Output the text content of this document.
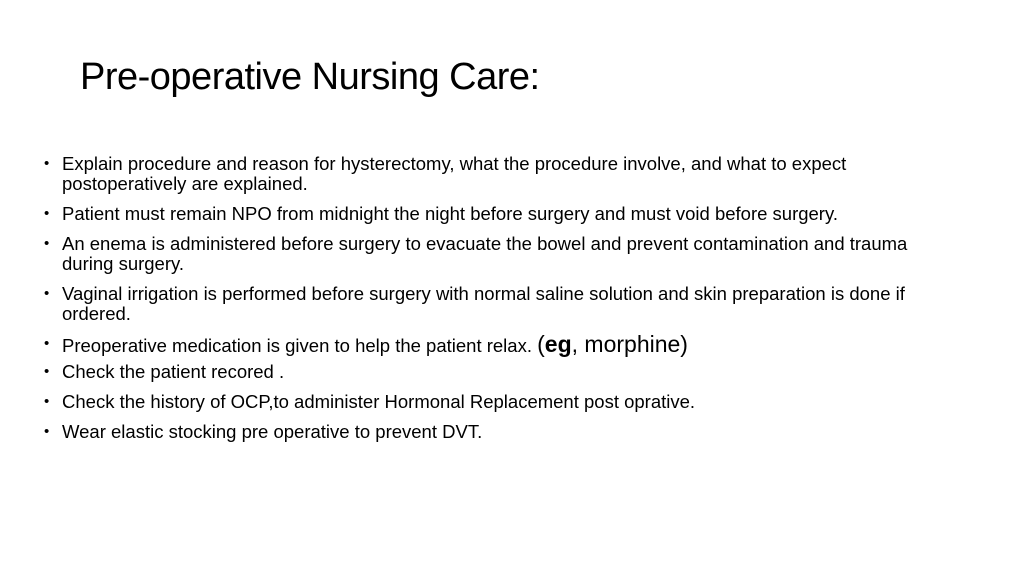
Pre-operative Nursing Care:
• Explain procedure and reason for hysterectomy, what the procedure involve, and what to expect postoperatively are explained.
• Patient must remain NPO from midnight the night before surgery and must void before surgery.
• An enema is administered before surgery to evacuate the bowel and prevent contamination and trauma during surgery.
• Vaginal irrigation is performed before surgery with normal saline solution and skin preparation is done if ordered.
• Preoperative medication is given to help the patient relax. (eg, morphine)
• Check the patient recored .
• Check the history of OCP,to administer Hormonal Replacement post oprative.
• Wear elastic stocking pre operative to prevent DVT.
